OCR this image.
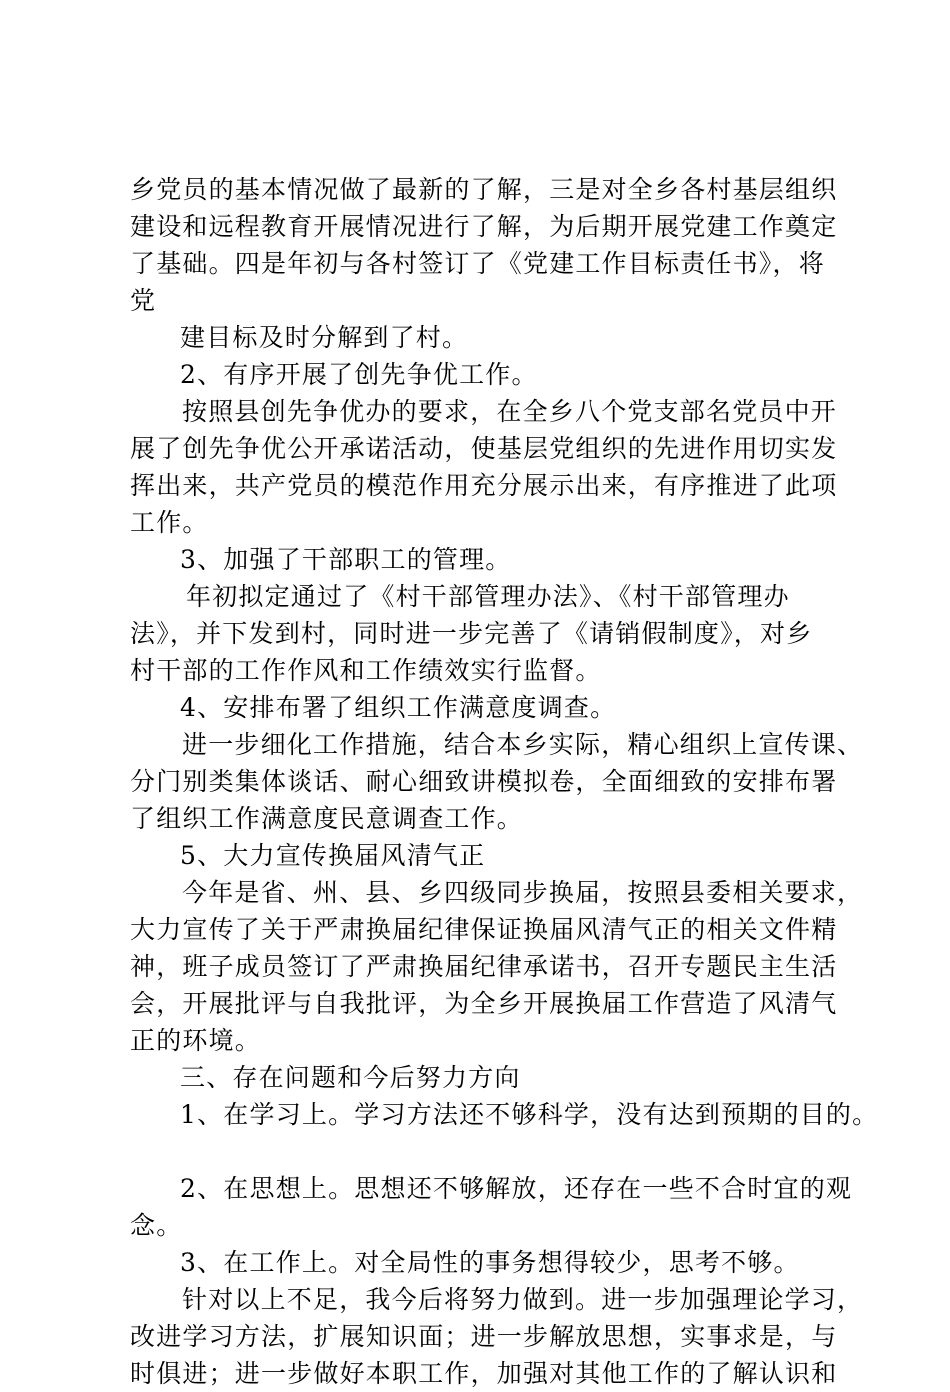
乡党员的基本情况做了最新的了解，三是对全乡各村基层组织
建设和远程教育开展情况进行了解，为后期开展党建工作奠定
了基础。四是年初与各村签订了《党建工作目标责任书》，将
党
建目标及时分解到了村。
2、有序开展了创先争优工作。
按照县创先争优办的要求，在全乡八个党支部名党员中开
展了创先争优公开承诺活动，使基层党组织的先进作用切实发
挥出来，共产党员的模范作用充分展示出来，有序推进了此项
工作。
3、加强了干部职工的管理。
年初拟定通过了《村干部管理办法》、《村干部管理办
法》，并下发到村，同时进一步完善了《请销假制度》，对乡
村干部的工作作风和工作绩效实行监督。
4、安排布署了组织工作满意度调查。
进一步细化工作措施，结合本乡实际，精心组织上宣传课、
分门别类集体谈话、耐心细致讲模拟卷，全面细致的安排布署
了组织工作满意度民意调查工作。
5、大力宣传换届风清气正
今年是省、州、县、乡四级同步换届，按照县委相关要求，
大力宣传了关于严肃换届纪律保证换届风清气正的相关文件精
神，班子成员签订了严肃换届纪律承诺书，召开专题民主生活
会，开展批评与自我批评，为全乡开展换届工作营造了风清气
正的环境。
三、存在问题和今后努力方向
1、在学习上。学习方法还不够科学，没有达到预期的目的。
2、在思想上。思想还不够解放，还存在一些不合时宜的观
念。
3、在工作上。对全局性的事务想得较少，思考不够。
针对以上不足，我今后将努力做到。进一步加强理论学习，
改进学习方法，扩展知识面；进一步解放思想，实事求是，与
时俱进；进一步做好本职工作，加强对其他工作的了解认识和
